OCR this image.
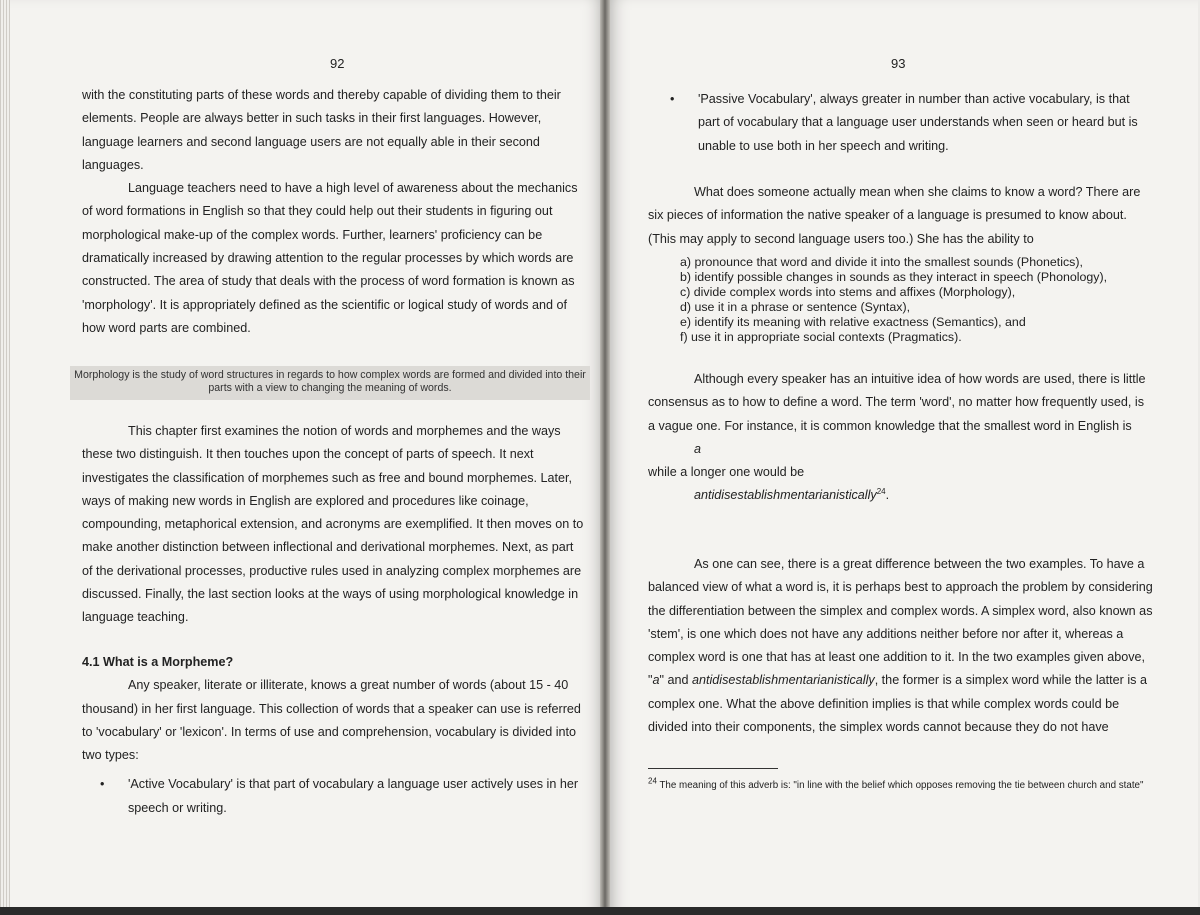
92

with the constituting parts of these words and thereby capable of dividing them to their elements. People are always better in such tasks in their first languages. However, language learners and second language users are not equally able in their second languages.

Language teachers need to have a high level of awareness about the mechanics of word formations in English so that they could help out their students in figuring out morphological make-up of the complex words. Further, learners' proficiency can be dramatically increased by drawing attention to the regular processes by which words are constructed. The area of study that deals with the process of word formation is known as 'morphology'. It is appropriately defined as the scientific or logical study of words and of how word parts are combined.

Morphology is the study of word structures in regards to how complex words are formed and divided into their parts with a view to changing the meaning of words.

This chapter first examines the notion of words and morphemes and the ways these two distinguish. It then touches upon the concept of parts of speech. It next investigates the classification of morphemes such as free and bound morphemes. Later, ways of making new words in English are explored and procedures like coinage, compounding, metaphorical extension, and acronyms are exemplified. It then moves on to make another distinction between inflectional and derivational morphemes. Next, as part of the derivational processes, productive rules used in analyzing complex morphemes are discussed. Finally, the last section looks at the ways of using morphological knowledge in language teaching.

4.1 What is a Morpheme?

Any speaker, literate or illiterate, knows a great number of words (about 15 - 40 thousand) in her first language. This collection of words that a speaker can use is referred to 'vocabulary' or 'lexicon'. In terms of use and comprehension, vocabulary is divided into two types:

• 'Active Vocabulary' is that part of vocabulary a language user actively uses in her speech or writing.
93
• 'Passive Vocabulary', always greater in number than active vocabulary, is that part of vocabulary that a language user understands when seen or heard but is unable to use both in her speech and writing.

What does someone actually mean when she claims to know a word? There are six pieces of information the native speaker of a language is presumed to know about. (This may apply to second language users too.) She has the ability to

a) pronounce that word and divide it into the smallest sounds (Phonetics),
b) identify possible changes in sounds as they interact in speech (Phonology),
c) divide complex words into stems and affixes (Morphology),
d) use it in a phrase or sentence (Syntax),
e) identify its meaning with relative exactness (Semantics), and
f) use it in appropriate social contexts (Pragmatics).

Although every speaker has an intuitive idea of how words are used, there is little consensus as to how to define a word. The term 'word', no matter how frequently used, is a vague one. For instance, it is common knowledge that the smallest word in English is

a

while a longer one would be

antidisestablishmentarianistically$^{24}$.

As one can see, there is a great difference between the two examples. To have a balanced view of what a word is, it is perhaps best to approach the problem by considering the differentiation between the simplex and complex words. A simplex word, also known as 'stem', is one which does not have any additions neither before nor after it, whereas a complex word is one that has at least one addition to it. In the two examples given above, "a" and antidisestablishmentarianistically, the former is a simplex word while the latter is a complex one. What the above definition implies is that while complex words could be divided into their components, the simplex words cannot because they do not have

$^{24}$ The meaning of this adverb is: "in line with the belief which opposes removing the tie between church and state"
